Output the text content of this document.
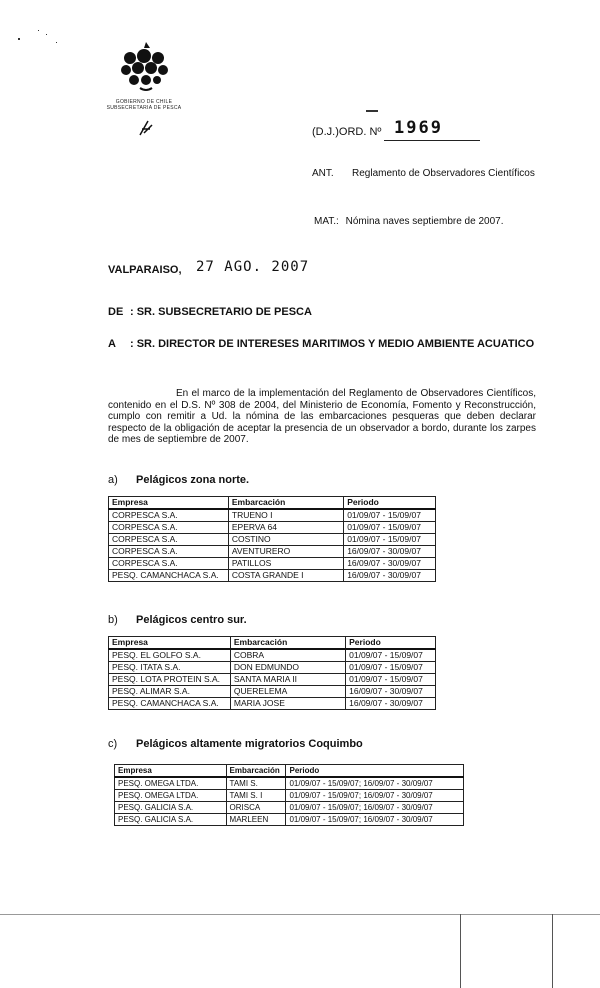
GOBIERNO DE CHILE
SUBSECRETARIA DE PESCA
(D.J.)ORD. Nº 1969
ANT.	Reglamento de Observadores Científicos
MAT.: Nómina naves septiembre de 2007.
VALPARAISO, 27 AGO. 2007
DE : SR. SUBSECRETARIO DE PESCA
A : SR. DIRECTOR DE INTERESES MARITIMOS Y MEDIO AMBIENTE ACUATICO
En el marco de la implementación del Reglamento de Observadores Científicos, contenido en el D.S. Nº 308 de 2004, del Ministerio de Economía, Fomento y Reconstrucción, cumplo con remitir a Ud. la nómina de las embarcaciones pesqueras que deben declarar respecto de la obligación de aceptar la presencia de un observador a bordo, durante los zarpes de mes de septiembre de 2007.
a) Pelágicos zona norte.
Empresa	Embarcación	Periodo
CORPESCA S.A.	TRUENO I	01/09/07 - 15/09/07
CORPESCA S.A.	EPERVA 64	01/09/07 - 15/09/07
CORPESCA S.A.	COSTINO	01/09/07 - 15/09/07
CORPESCA S.A.	AVENTURERO	16/09/07 - 30/09/07
CORPESCA S.A.	PATILLOS	16/09/07 - 30/09/07
PESQ. CAMANCHACA S.A.	COSTA GRANDE I	16/09/07 - 30/09/07
b) Pelágicos centro sur.
Empresa	Embarcación	Periodo
PESQ. EL GOLFO S.A.	COBRA	01/09/07 - 15/09/07
PESQ. ITATA S.A.	DON EDMUNDO	01/09/07 - 15/09/07
PESQ. LOTA PROTEIN S.A.	SANTA MARIA II	01/09/07 - 15/09/07
PESQ. ALIMAR S.A.	QUERELEMA	16/09/07 - 30/09/07
PESQ. CAMANCHACA S.A.	MARIA JOSE	16/09/07 - 30/09/07
c) Pelágicos altamente migratorios Coquimbo
Empresa	Embarcación	Periodo
PESQ. OMEGA LTDA.	TAMI S.	01/09/07 - 15/09/07; 16/09/07 - 30/09/07
PESQ. OMEGA LTDA.	TAMI S. I	01/09/07 - 15/09/07; 16/09/07 - 30/09/07
PESQ. GALICIA S.A.	ORISCA	01/09/07 - 15/09/07; 16/09/07 - 30/09/07
PESQ. GALICIA S.A.	MARLEEN	01/09/07 - 15/09/07; 16/09/07 - 30/09/07
